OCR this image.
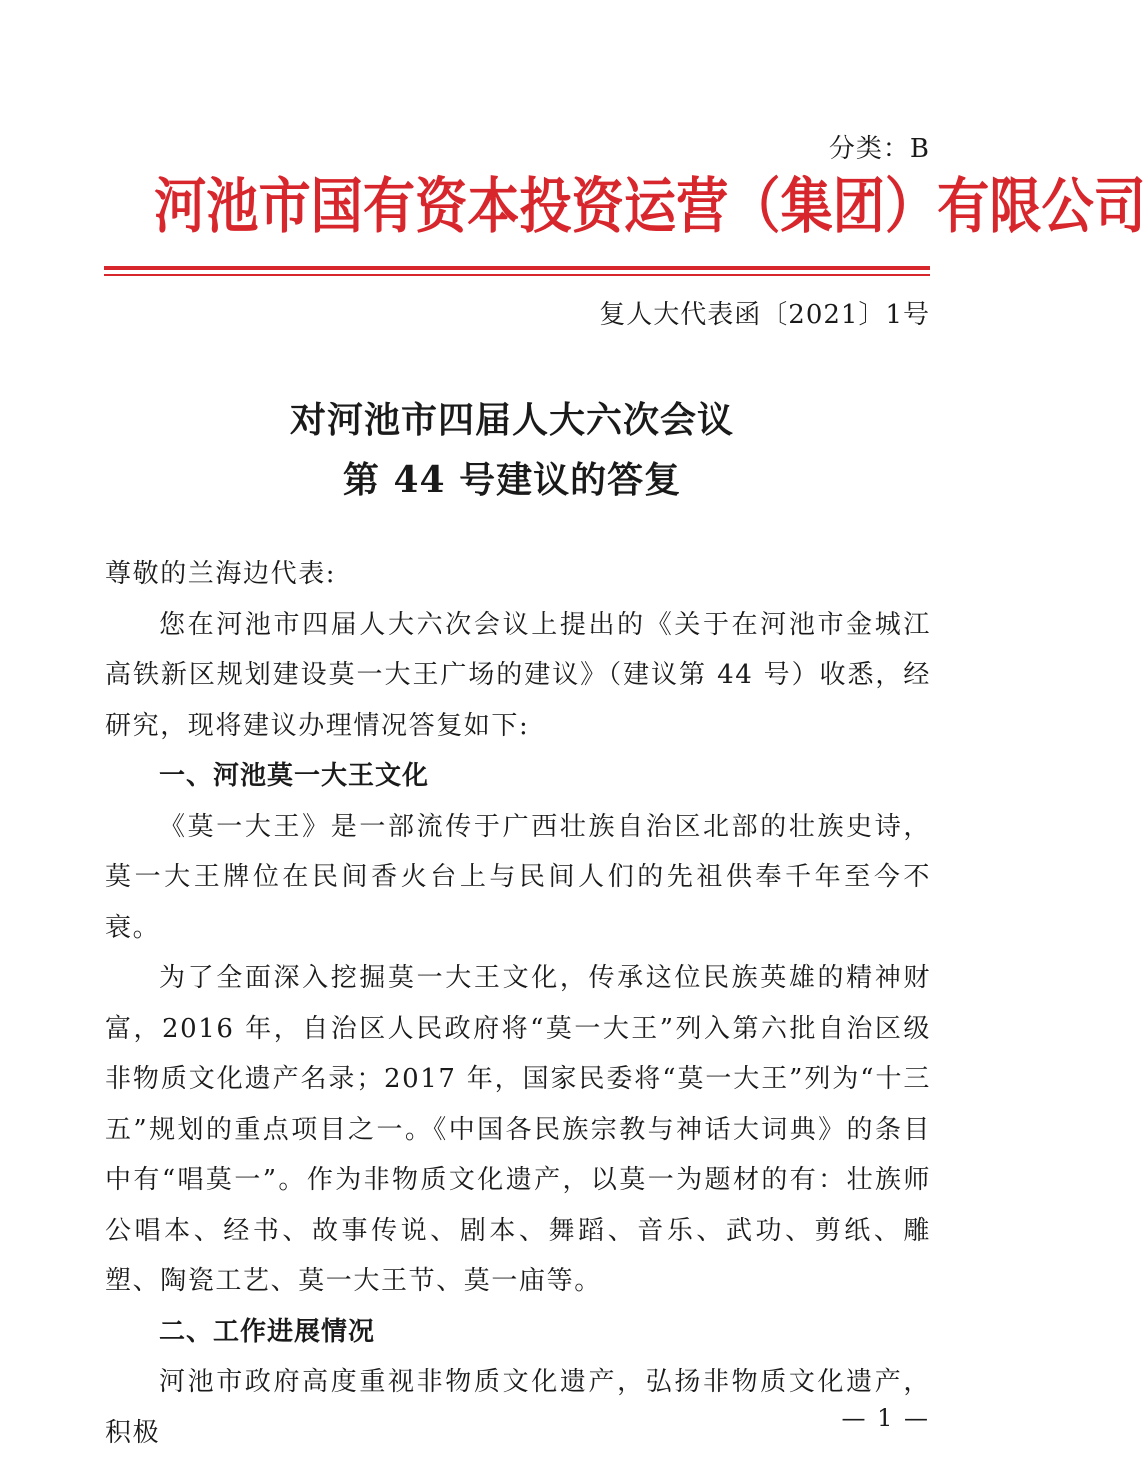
分类：B
河池市国有资本投资运营（集团）有限公司
复人大代表函〔2021〕1号
对河池市四届人大六次会议
第 44 号建议的答复

尊敬的兰海边代表:

您在河池市四届人大六次会议上提出的《关于在河池市金城江高铁新区规划建设莫一大王广场的建议》（建议第 44 号）收悉，经研究，现将建议办理情况答复如下:

一、河池莫一大王文化

《莫一大王》是一部流传于广西壮族自治区北部的壮族史诗，莫一大王牌位在民间香火台上与民间人们的先祖供奉千年至今不衰。

为了全面深入挖掘莫一大王文化，传承这位民族英雄的精神财富，2016 年，自治区人民政府将“莫一大王”列入第六批自治区级非物质文化遗产名录；2017 年，国家民委将“莫一大王”列为“十三五”规划的重点项目之一。《中国各民族宗教与神话大词典》的条目中有“唱莫一”。作为非物质文化遗产，以莫一为题材的有：壮族师公唱本、经书、故事传说、剧本、舞蹈、音乐、武功、剪纸、雕塑、陶瓷工艺、莫一大王节、莫一庙等。

二、工作进展情况

河池市政府高度重视非物质文化遗产，弘扬非物质文化遗产，积极	— 1 —
